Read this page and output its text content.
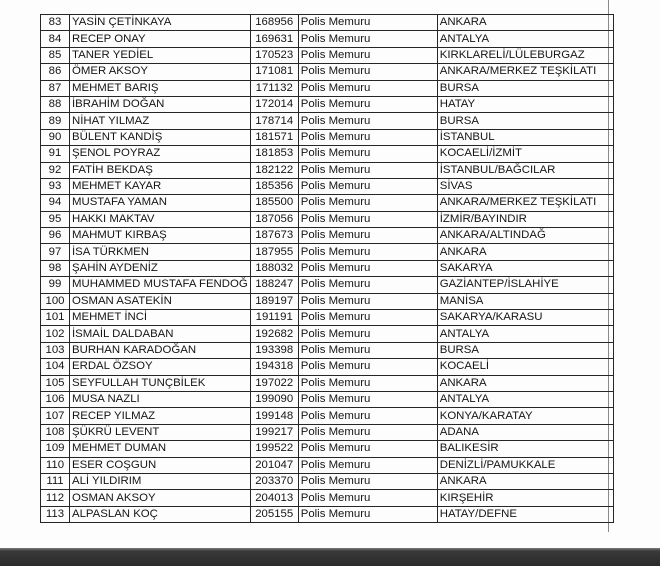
83	YASİN ÇETİNKAYA	168956	Polis Memuru	ANKARA
84	RECEP ONAY	169631	Polis Memuru	ANTALYA
85	TANER YEDİEL	170523	Polis Memuru	KIRKLARELİ/LÜLEBURGAZ
86	ÖMER AKSOY	171081	Polis Memuru	ANKARA/MERKEZ TEŞKİLATI
87	MEHMET BARIŞ	171132	Polis Memuru	BURSA
88	İBRAHİM DOĞAN	172014	Polis Memuru	HATAY
89	NİHAT YILMAZ	178714	Polis Memuru	BURSA
90	BÜLENT KANDİŞ	181571	Polis Memuru	İSTANBUL
91	ŞENOL POYRAZ	181853	Polis Memuru	KOCAELİ/İZMİT
92	FATİH BEKDAŞ	182122	Polis Memuru	İSTANBUL/BAĞCILAR
93	MEHMET KAYAR	185356	Polis Memuru	SİVAS
94	MUSTAFA YAMAN	185500	Polis Memuru	ANKARA/MERKEZ TEŞKİLATI
95	HAKKI MAKTAV	187056	Polis Memuru	İZMİR/BAYINDIR
96	MAHMUT KIRBAŞ	187673	Polis Memuru	ANKARA/ALTINDAĞ
97	İSA TÜRKMEN	187955	Polis Memuru	ANKARA
98	ŞAHİN AYDENİZ	188032	Polis Memuru	SAKARYA
99	MUHAMMED MUSTAFA FENDOĞ	188247	Polis Memuru	GAZİANTEP/İSLAHİYE
100	OSMAN ASATEKİN	189197	Polis Memuru	MANİSA
101	MEHMET İNCİ	191191	Polis Memuru	SAKARYA/KARASU
102	İSMAİL DALDABAN	192682	Polis Memuru	ANTALYA
103	BURHAN KARADOĞAN	193398	Polis Memuru	BURSA
104	ERDAL ÖZSOY	194318	Polis Memuru	KOCAELİ
105	SEYFULLAH TUNÇBİLEK	197022	Polis Memuru	ANKARA
106	MUSA NAZLI	199090	Polis Memuru	ANTALYA
107	RECEP YILMAZ	199148	Polis Memuru	KONYA/KARATAY
108	ŞÜKRÜ LEVENT	199217	Polis Memuru	ADANA
109	MEHMET DUMAN	199522	Polis Memuru	BALIKESİR
110	ESER COŞGUN	201047	Polis Memuru	DENİZLİ/PAMUKKALE
111	ALİ YILDIRIM	203370	Polis Memuru	ANKARA
112	OSMAN AKSOY	204013	Polis Memuru	KIRŞEHİR
113	ALPASLAN KOÇ	205155	Polis Memuru	HATAY/DEFNE
